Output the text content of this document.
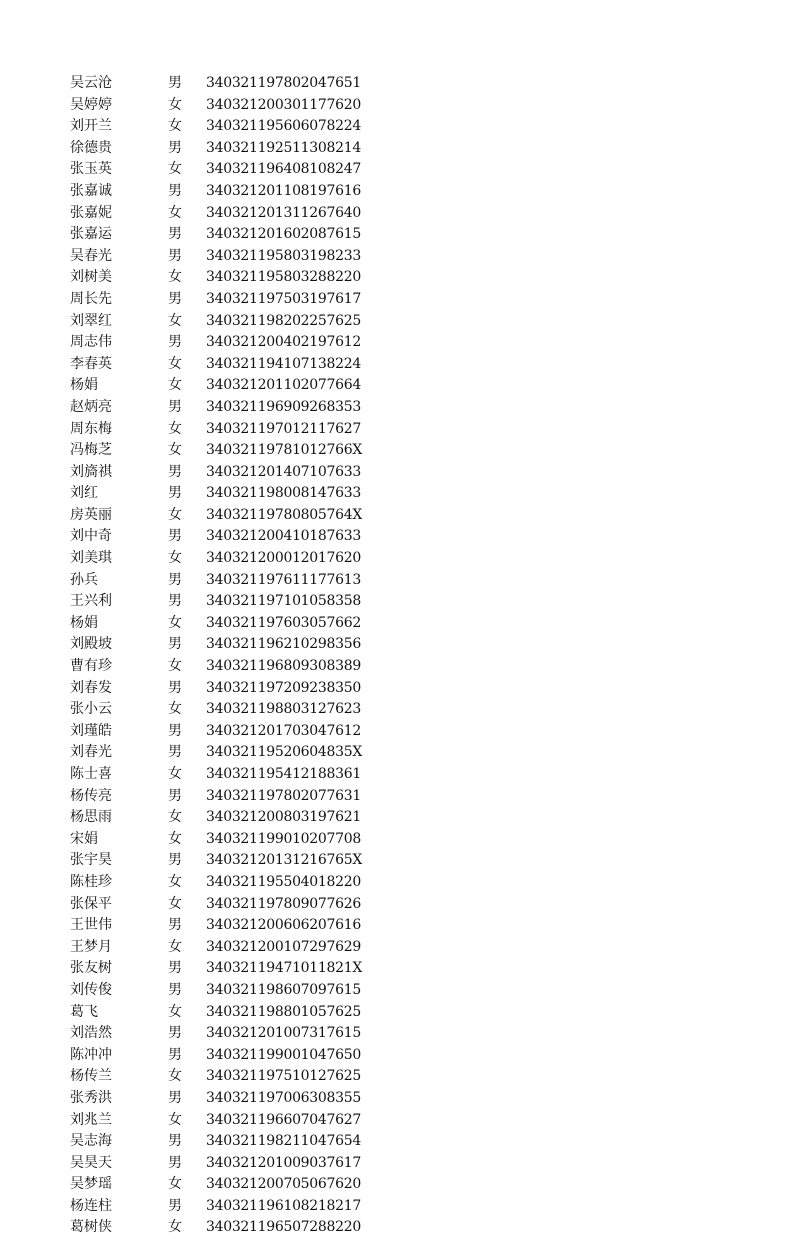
吴云沧	男 340321197802047651
吴婷婷	女 340321200301177620
刘开兰	女 340321195606078224
徐德贵	男 340321192511308214
张玉英	女 340321196408108247
张嘉诚	男 340321201108197616
张嘉妮	女 340321201311267640
张嘉运	男 340321201602087615
吴春光	男 340321195803198233
刘树美	女 340321195803288220
周长先	男 340321197503197617
刘翠红	女 340321198202257625
周志伟	男 340321200402197612
李春英	女 340321194107138224
杨娟	女 340321201102077664
赵炳亮	男 340321196909268353
周东梅	女 340321197012117627
冯梅芝	女 34032119781012766X
刘旖祺	男 340321201407107633
刘红	男 340321198008147633
房英丽	女 34032119780805764X
刘中奇	男 340321200410187633
刘美琪	女 340321200012017620
孙兵	男 340321197611177613
王兴利	男 340321197101058358
杨娟	女 340321197603057662
刘殿坡	男 340321196210298356
曹有珍	女 340321196809308389
刘春发	男 340321197209238350
张小云	女 340321198803127623
刘瑾皓	男 340321201703047612
刘春光	男 34032119520604835X
陈士喜	女 340321195412188361
杨传亮	男 340321197802077631
杨思雨	女 340321200803197621
宋娟	女 340321199010207708
张宇昊	男 34032120131216765X
陈桂珍	女 340321195504018220
张保平	女 340321197809077626
王世伟	男 340321200606207616
王梦月	女 340321200107297629
张友树	男 34032119471011821X
刘传俊	男 340321198607097615
葛飞	女 340321198801057625
刘浩然	男 340321201007317615
陈冲冲	男 340321199001047650
杨传兰	女 340321197510127625
张秀洪	男 340321197006308355
刘兆兰	女 340321196607047627
吴志海	男 340321198211047654
吴昊天	男 340321201009037617
吴梦瑶	女 340321200705067620
杨连柱	男 340321196108218217
葛树侠	女 340321196507288220
